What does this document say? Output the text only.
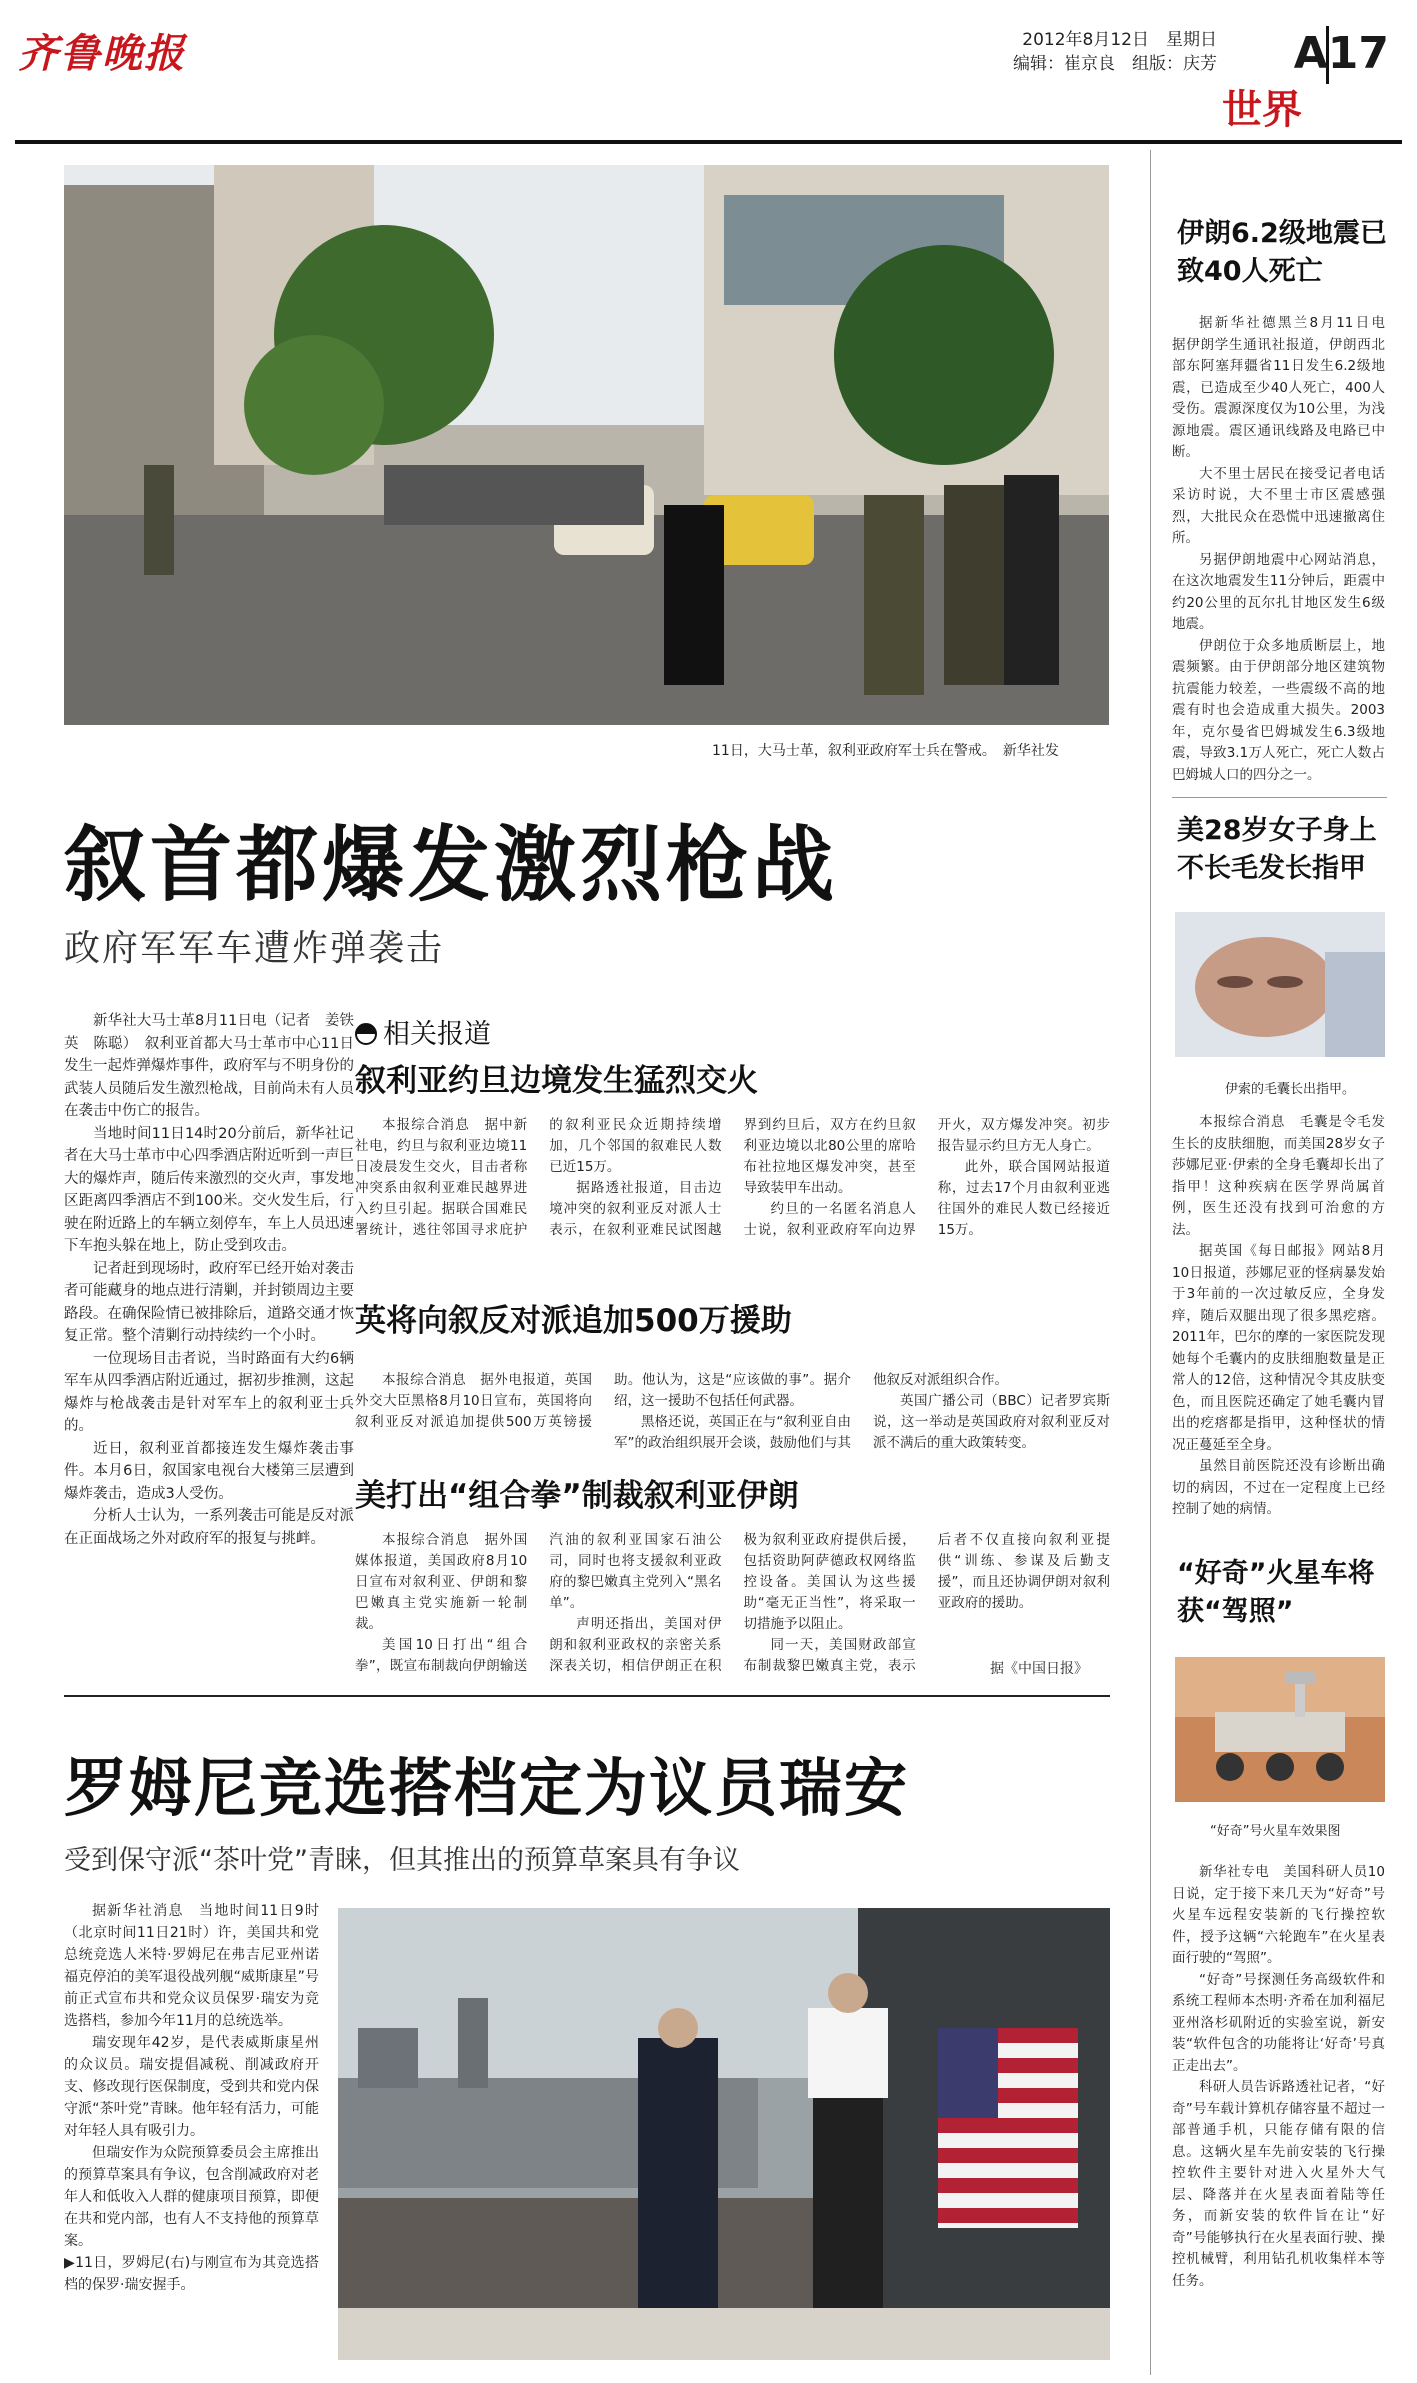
齐鲁晚报	2012年8月12日　星期日
编辑：崔京良　组版：庆芳 A17
世界
11日，大马士革，叙利亚政府军士兵在警戒。　新华社发
叙首都爆发激烈枪战
政府军军车遭炸弹袭击

新华社大马士革8月11日电（记者　姜铁英　陈聪）　叙利亚首都大马士革市中心11日发生一起炸弹爆炸事件，政府军与不明身份的武装人员随后发生激烈枪战，目前尚未有人员在袭击中伤亡的报告。

当地时间11日14时20分前后，新华社记者在大马士革市中心四季酒店附近听到一声巨大的爆炸声，随后传来激烈的交火声，事发地区距离四季酒店不到100米。交火发生后，行驶在附近路上的车辆立刻停车，车上人员迅速下车抱头躲在地上，防止受到攻击。

记者赶到现场时，政府军已经开始对袭击者可能藏身的地点进行清剿，并封锁周边主要路段。在确保险情已被排除后，道路交通才恢复正常。整个清剿行动持续约一个小时。

一位现场目击者说，当时路面有大约6辆军车从四季酒店附近通过，据初步推测，这起爆炸与枪战袭击是针对军车上的叙利亚士兵的。

近日，叙利亚首都接连发生爆炸袭击事件。本月6日，叙国家电视台大楼第三层遭到爆炸袭击，造成3人受伤。

分析人士认为，一系列袭击可能是反对派在正面战场之外对政府军的报复与挑衅。

相关报道
叙利亚约旦边境发生猛烈交火

本报综合消息　据中新社电，约旦与叙利亚边境11日凌晨发生交火，目击者称冲突系由叙利亚难民越界进入约旦引起。据联合国难民署统计，逃往邻国寻求庇护的叙利亚民众近期持续增加，几个邻国的叙难民人数已近15万。

据路透社报道，目击边境冲突的叙利亚反对派人士表示，在叙利亚难民试图越界到约旦后，双方在约旦叙利亚边境以北80公里的席哈布社拉地区爆发冲突，甚至导致装甲车出动。

约旦的一名匿名消息人士说，叙利亚政府军向边界开火，双方爆发冲突。初步报告显示约旦方无人身亡。

此外，联合国网站报道称，过去17个月由叙利亚逃往国外的难民人数已经接近15万。

英将向叙反对派追加500万援助

本报综合消息　据外电报道，英国外交大臣黑格8月10日宣布，英国将向叙利亚反对派追加提供500万英镑援助。他认为，这是“应该做的事”。据介绍，这一援助不包括任何武器。

黑格还说，英国正在与“叙利亚自由军”的政治组织展开会谈，鼓励他们与其他叙反对派组织合作。

英国广播公司（BBC）记者罗宾斯说，这一举动是英国政府对叙利亚反对派不满后的重大政策转变。

美打出“组合拳”制裁叙利亚伊朗

本报综合消息　据外国媒体报道，美国政府8月10日宣布对叙利亚、伊朗和黎巴嫩真主党实施新一轮制裁。

美国10日打出“组合拳”，既宣布制裁向伊朗输送汽油的叙利亚国家石油公司，同时也将支援叙利亚政府的黎巴嫩真主党列入“黑名单”。

声明还指出，美国对伊朗和叙利亚政权的亲密关系深表关切，相信伊朗正在积极为叙利亚政府提供后援，包括资助阿萨德政权网络监控设备。美国认为这些援助“毫无正当性”，将采取一切措施予以阻止。

同一天，美国财政部宣布制裁黎巴嫩真主党，表示后者不仅直接向叙利亚提供“训练、参谋及后勤支援”，而且还协调伊朗对叙利亚政府的援助。

据《中国日报》
罗姆尼竞选搭档定为议员瑞安
受到保守派“茶叶党”青睐，但其推出的预算草案具有争议

据新华社消息　当地时间11日9时（北京时间11日21时）许，美国共和党总统竞选人米特·罗姆尼在弗吉尼亚州诺福克停泊的美军退役战列舰“威斯康星”号前正式宣布共和党众议员保罗·瑞安为竞选搭档，参加今年11月的总统选举。

瑞安现年42岁，是代表威斯康星州的众议员。瑞安提倡减税、削减政府开支、修改现行医保制度，受到共和党内保守派“茶叶党”青睐。他年轻有活力，可能对年轻人具有吸引力。

但瑞安作为众院预算委员会主席推出的预算草案具有争议，包含削减政府对老年人和低收入人群的健康项目预算，即便在共和党内部，也有人不支持他的预算草案。

▶11日，罗姆尼(右)与刚宣布为其竞选搭档的保罗·瑞安握手。
伊朗6.2级地震已致40人死亡

据新华社德黑兰8月11日电　据伊朗学生通讯社报道，伊朗西北部东阿塞拜疆省11日发生6.2级地震，已造成至少40人死亡，400人受伤。震源深度仅为10公里，为浅源地震。震区通讯线路及电路已中断。

大不里士居民在接受记者电话采访时说，大不里士市区震感强烈，大批民众在恐慌中迅速撤离住所。

另据伊朗地震中心网站消息，在这次地震发生11分钟后，距震中约20公里的瓦尔扎甘地区发生6级地震。

伊朗位于众多地质断层上，地震频繁。由于伊朗部分地区建筑物抗震能力较差，一些震级不高的地震有时也会造成重大损失。2003年，克尔曼省巴姆城发生6.3级地震，导致3.1万人死亡，死亡人数占巴姆城人口的四分之一。

美28岁女子身上不长毛发长指甲
伊索的毛囊长出指甲。

本报综合消息　毛囊是令毛发生长的皮肤细胞，而美国28岁女子莎娜尼亚·伊索的全身毛囊却长出了指甲！这种疾病在医学界尚属首例，医生还没有找到可治愈的方法。

据英国《每日邮报》网站8月10日报道，莎娜尼亚的怪病暴发始于3年前的一次过敏反应，全身发痒，随后双腿出现了很多黑疙瘩。2011年，巴尔的摩的一家医院发现她每个毛囊内的皮肤细胞数量是正常人的12倍，这种情况令其皮肤变色，而且医院还确定了她毛囊内冒出的疙瘩都是指甲，这种怪状的情况正蔓延至全身。

虽然目前医院还没有诊断出确切的病因，不过在一定程度上已经控制了她的病情。

“好奇”火星车将获“驾照”
“好奇”号火星车效果图

新华社专电　美国科研人员10日说，定于接下来几天为“好奇”号火星车远程安装新的飞行操控软件，授予这辆“六轮跑车”在火星表面行驶的“驾照”。

“好奇”号探测任务高级软件和系统工程师本杰明·齐希在加利福尼亚州洛杉矶附近的实验室说，新安装“软件包含的功能将让‘好奇’号真正走出去”。

科研人员告诉路透社记者，“好奇”号车载计算机存储容量不超过一部普通手机，只能存储有限的信息。这辆火星车先前安装的飞行操控软件主要针对进入火星外大气层、降落并在火星表面着陆等任务，而新安装的软件旨在让“好奇”号能够执行在火星表面行驶、操控机械臂，利用钻孔机收集样本等任务。
